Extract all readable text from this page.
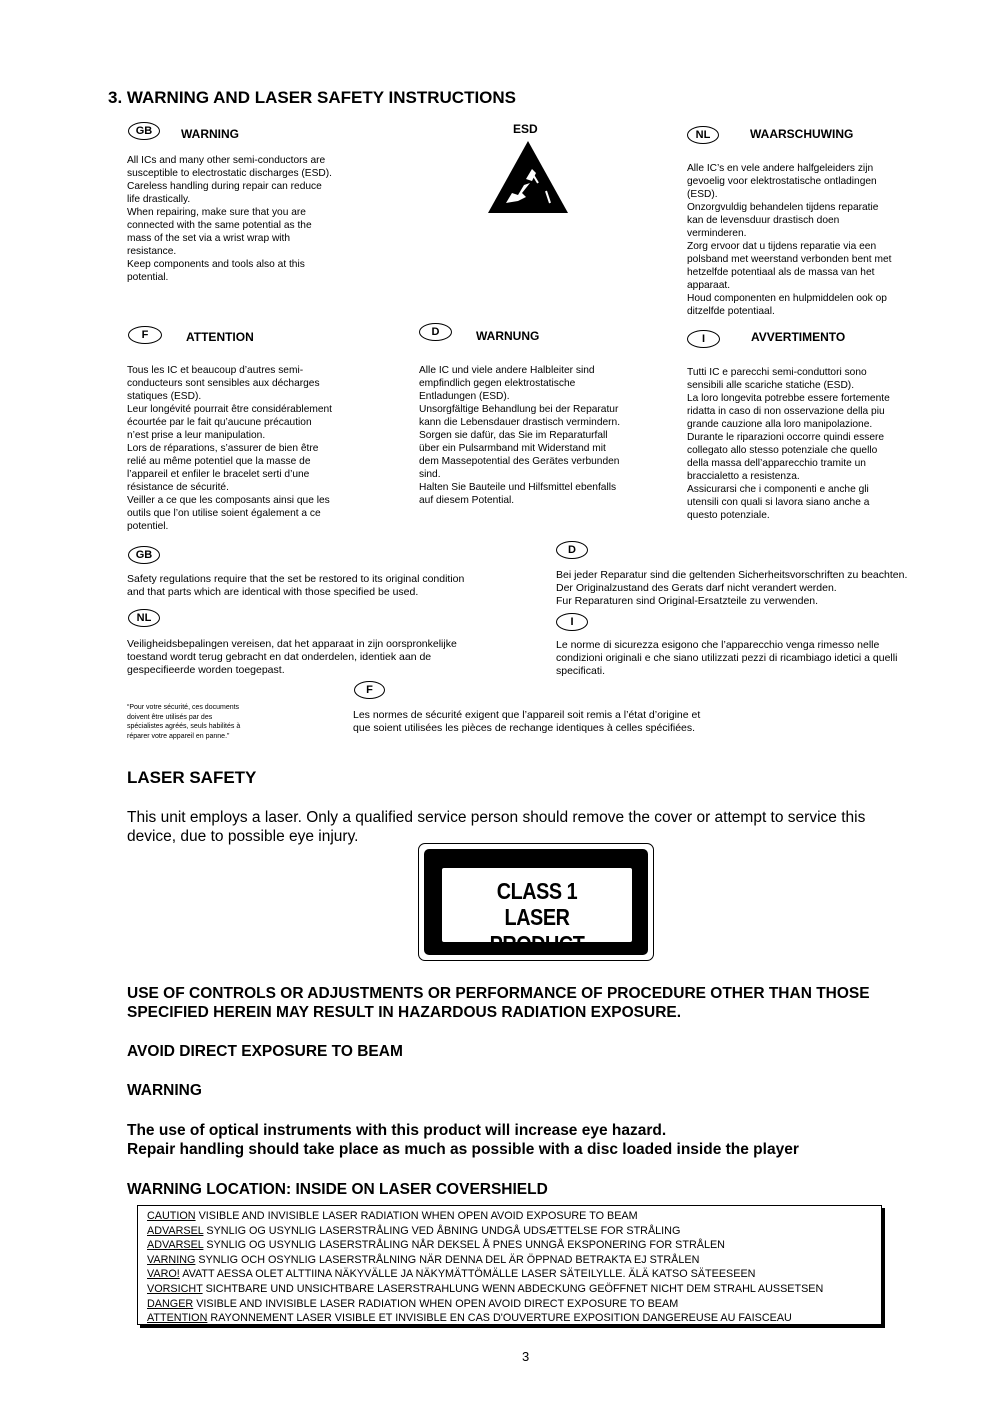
3. WARNING AND LASER SAFETY INSTRUCTIONS
GB	WARNING
All ICs and many other semi-conductors are
susceptible to electrostatic discharges (ESD).
Careless handling during repair can reduce
life drastically.
When repairing, make sure that you are
connected with the same potential as the
mass of the set via a wrist wrap with
resistance.
Keep components and tools also at this
potential.
ESD	NL	WAARSCHUWING
Alle IC’s en vele andere halfgeleiders zijn
gevoelig voor elektrostatische ontladingen
(ESD).
Onzorgvuldig behandelen tijdens reparatie
kan de levensduur drastisch doen
verminderen.
Zorg ervoor dat u tijdens reparatie via een
polsband met weerstand verbonden bent met
hetzelfde potentiaal als de massa van het
apparaat.
Houd componenten en hulpmiddelen ook op
ditzelfde potentiaal.
F	ATTENTION
Tous les IC et beaucoup d’autres semi-
conducteurs sont sensibles aux décharges
statiques (ESD).
Leur longévité pourrait être considérablement
écourtée par le fait qu’aucune précaution
n’est prise a leur manipulation.
Lors de réparations, s’assurer de bien être
relié au même potentiel que la masse de
l’appareil et enfiler le bracelet serti d’une
résistance de sécurité.
Veiller a ce que les composants ainsi que les
outils que l’on utilise soient également a ce
potentiel.
D	WARNUNG
Alle IC und viele andere Halbleiter sind
empfindlich gegen elektrostatische
Entladungen (ESD).
Unsorgfältige Behandlung bei der Reparatur
kann die Lebensdauer drastisch vermindern.
Sorgen sie dafür, das Sie im Reparaturfall
über ein Pulsarmband mit Widerstand mit
dem Massepotential des Gerätes verbunden
sind.
Halten Sie Bauteile und Hilfsmittel ebenfalls
auf diesem Potential.
I	AVVERTIMENTO
Tutti IC e parecchi semi-conduttori sono
sensibili alle scariche statiche (ESD).
La loro longevita potrebbe essere fortemente
ridatta in caso di non osservazione della piu
grande cauzione alla loro manipolazione.
Durante le riparazioni occorre quindi essere
collegato allo stesso potenziale che quello
della massa dell’apparecchio tramite un
braccialetto a resistenza.
Assicurarsi che i componenti e anche gli
utensili con quali si lavora siano anche a
questo potenziale.
GB
Safety regulations require that the set be restored to its original condition
and that parts which are identical with those specified be used.
D
Bei jeder Reparatur sind die geltenden Sicherheitsvorschriften zu beachten.
Der Originalzustand des Gerats darf nicht verandert werden.
Fur Reparaturen sind Original-Ersatzteile zu verwenden.
NL
Veiligheidsbepalingen vereisen, dat het apparaat in zijn oorspronkelijke
toestand wordt terug gebracht en dat onderdelen, identiek aan de
gespecifieerde worden toegepast.
I
Le norme di sicurezza esigono che l’apparecchio venga rimesso nelle
condizioni originali e che siano utilizzati pezzi di ricambiago idetici a quelli
specificati.
F
Les normes de sécurité exigent que l’appareil soit remis a l’état d’origine et
que soient utilisées les pièces de rechange identiques à celles spécifiées.
“Pour votre sécurité, ces documents
doivent être utilisés par des
spécialistes agréés, seuls habilités à
réparer votre appareil en panne.”
LASER SAFETY
This unit employs a laser. Only a qualified service person should remove the cover or attempt to service this
device, due to possible eye injury.
CLASS 1
LASER PRODUCT
USE OF CONTROLS OR ADJUSTMENTS OR PERFORMANCE OF PROCEDURE OTHER THAN THOSE
SPECIFIED HEREIN MAY RESULT IN HAZARDOUS RADIATION EXPOSURE.
AVOID DIRECT EXPOSURE TO BEAM
WARNING
The use of optical instruments with this product will increase eye hazard.
Repair handling should take place as much as possible with a disc loaded inside the player
WARNING LOCATION: INSIDE ON LASER COVERSHIELD
CAUTION VISIBLE AND INVISIBLE LASER RADIATION WHEN OPEN AVOID EXPOSURE TO BEAM
ADVARSEL SYNLIG OG USYNLIG LASERSTRÅLING VED ÅBNING UNDGÅ UDSÆTTELSE FOR STRÅLING
ADVARSEL SYNLIG OG USYNLIG LASERSTRÅLING NÅR DEKSEL Å PNES UNNGÅ EKSPONERING FOR STRÅLEN
VARNING SYNLIG OCH OSYNLIG LASERSTRÅLNING NÄR DENNA DEL ÄR ÖPPNAD BETRAKTA EJ STRÅLEN
VARO! AVATT AESSA OLET ALTTIINA NÄKYVÄLLE JA NÄKYMÄTTÖMÄLLE LASER SÄTEILYLLE. ÄLÄ KATSO SÄTEESEEN
VORSICHT SICHTBARE UND UNSICHTBARE LASERSTRAHLUNG WENN ABDECKUNG GEÖFFNET NICHT DEM STRAHL AUSSETSEN
DANGER VISIBLE AND INVISIBLE LASER RADIATION WHEN OPEN AVOID DIRECT EXPOSURE TO BEAM
ATTENTION RAYONNEMENT LASER VISIBLE ET INVISIBLE EN CAS D'OUVERTURE EXPOSITION DANGEREUSE AU FAISCEAU
3
